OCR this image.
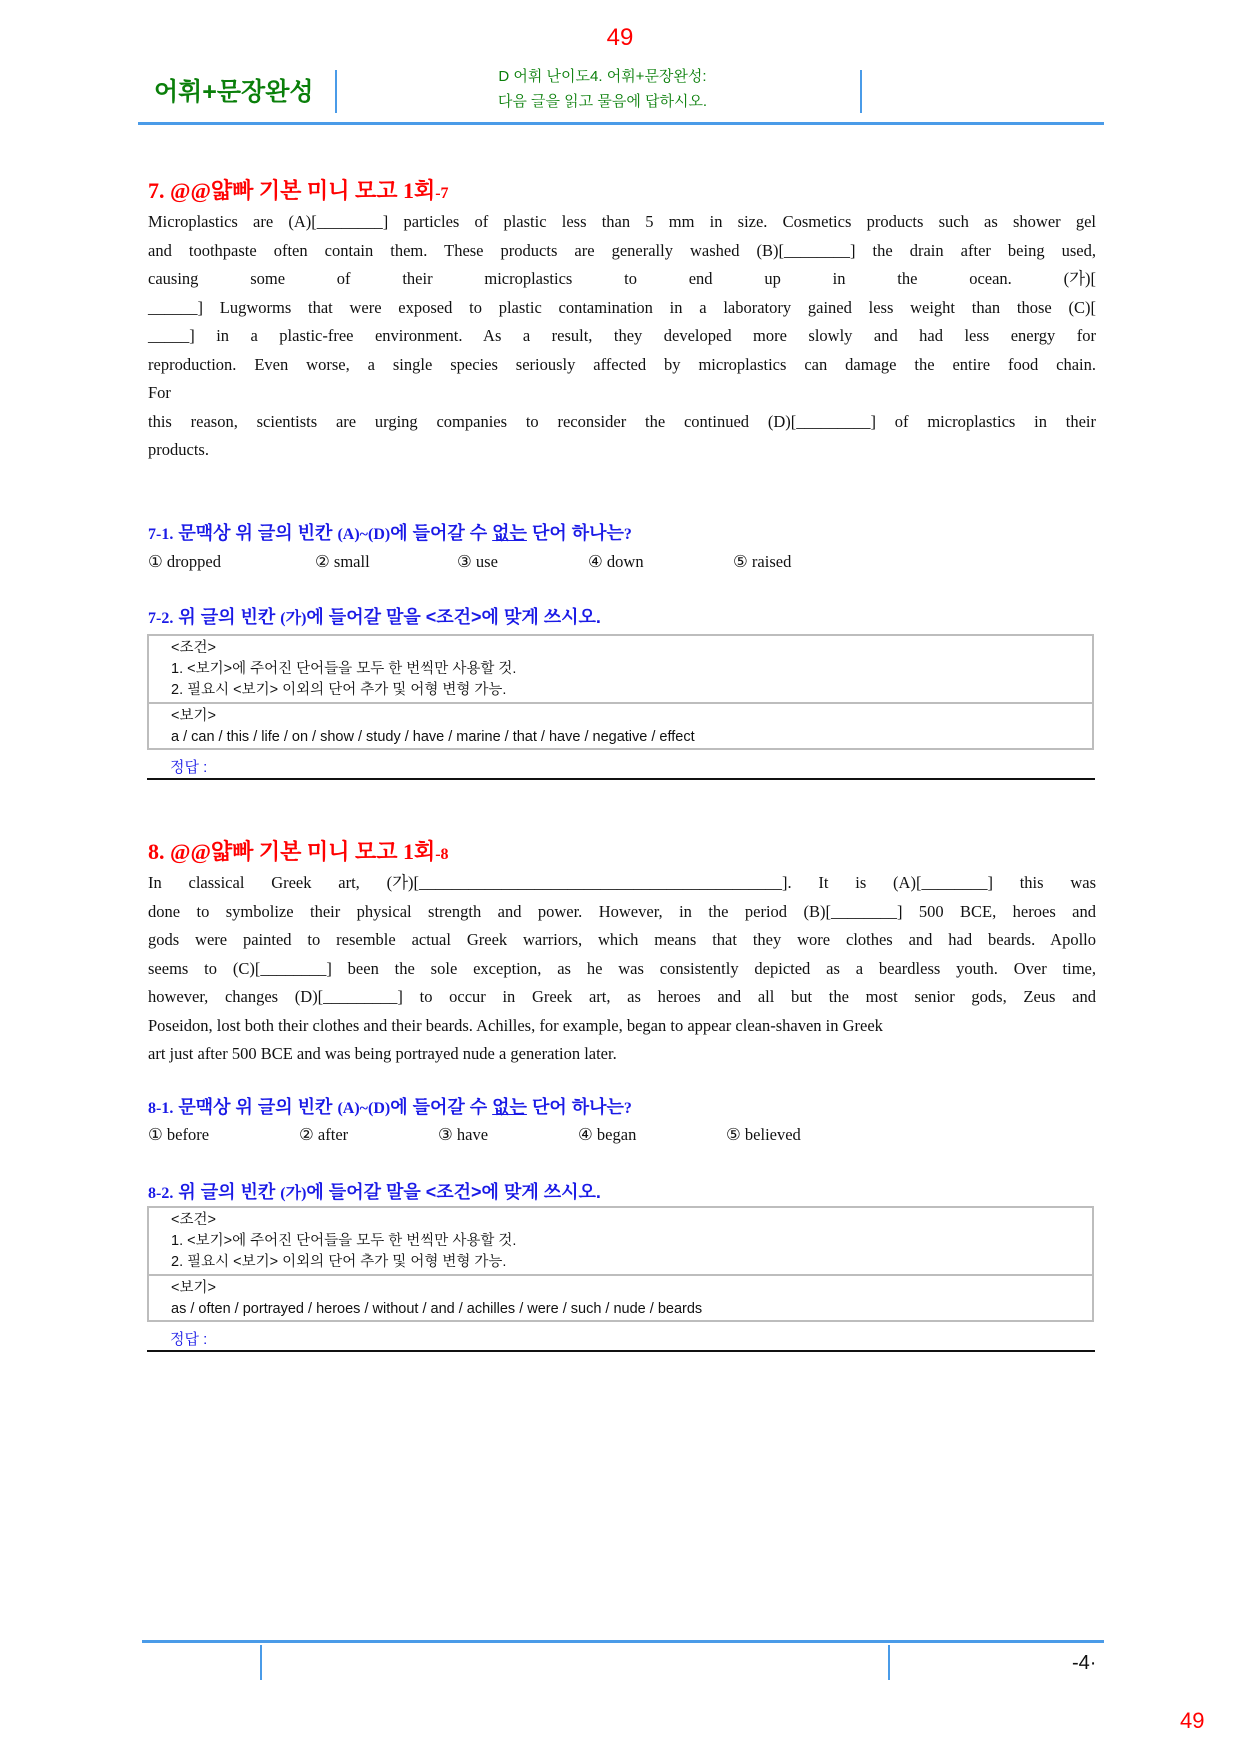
49
어휘+문장완성
D 어휘 난이도4. 어휘+문장완성:
다음 글을 읽고 물음에 답하시오.
7. @@얇빠 기본 미니 모고 1회-7
Microplastics are (A)[________] particles of plastic less than 5 mm in size. Cosmetics products such as shower gel
and toothpaste often contain them. These products are generally washed (B)[________] the drain after being used,
causing some of their microplastics to end up in the ocean. (가)[
______] Lugworms that were exposed to plastic contamination in a laboratory gained less weight than those (C)[
_____] in a plastic-free environment. As a result, they developed more slowly and had less energy for
reproduction. Even worse, a single species seriously affected by microplastics can damage the entire food chain.
For
this reason, scientists are urging companies to reconsider the continued (D)[_________] of microplastics in their
products.
7-1. 문맥상 위 글의 빈칸 (A)~(D)에 들어갈 수 없는 단어 하나는?
① dropped	② small	③ use	④ down	⑤ raised
7-2. 위 글의 빈칸 (가)에 들어갈 말을 <조건>에 맞게 쓰시오.
<조건>
1. <보기>에 주어진 단어들을 모두 한 번씩만 사용할 것.
2. 필요시 <보기> 이외의 단어 추가 및 어형 변형 가능.
<보기>
a / can / this / life / on / show / study / have / marine / that / have / negative / effect
정답 :
8. @@얇빠 기본 미니 모고 1회-8
In classical Greek art, (가)[____________________________________________]. It is (A)[________] this was
done to symbolize their physical strength and power. However, in the period (B)[________] 500 BCE, heroes and
gods were painted to resemble actual Greek warriors, which means that they wore clothes and had beards. Apollo
seems to (C)[________] been the sole exception, as he was consistently depicted as a beardless youth. Over time,
however, changes (D)[_________] to occur in Greek art, as heroes and all but the most senior gods, Zeus and
Poseidon, lost both their clothes and their beards. Achilles, for example, began to appear clean-shaven in Greek
art just after 500 BCE and was being portrayed nude a generation later.
8-1. 문맥상 위 글의 빈칸 (A)~(D)에 들어갈 수 없는 단어 하나는?
① before	② after	③ have	④ began	⑤ believed
8-2. 위 글의 빈칸 (가)에 들어갈 말을 <조건>에 맞게 쓰시오.
<조건>
1. <보기>에 주어진 단어들을 모두 한 번씩만 사용할 것.
2. 필요시 <보기> 이외의 단어 추가 및 어형 변형 가능.
<보기>
as / often / portrayed / heroes / without / and / achilles / were / such / nude / beards
정답 :
-4·
49
